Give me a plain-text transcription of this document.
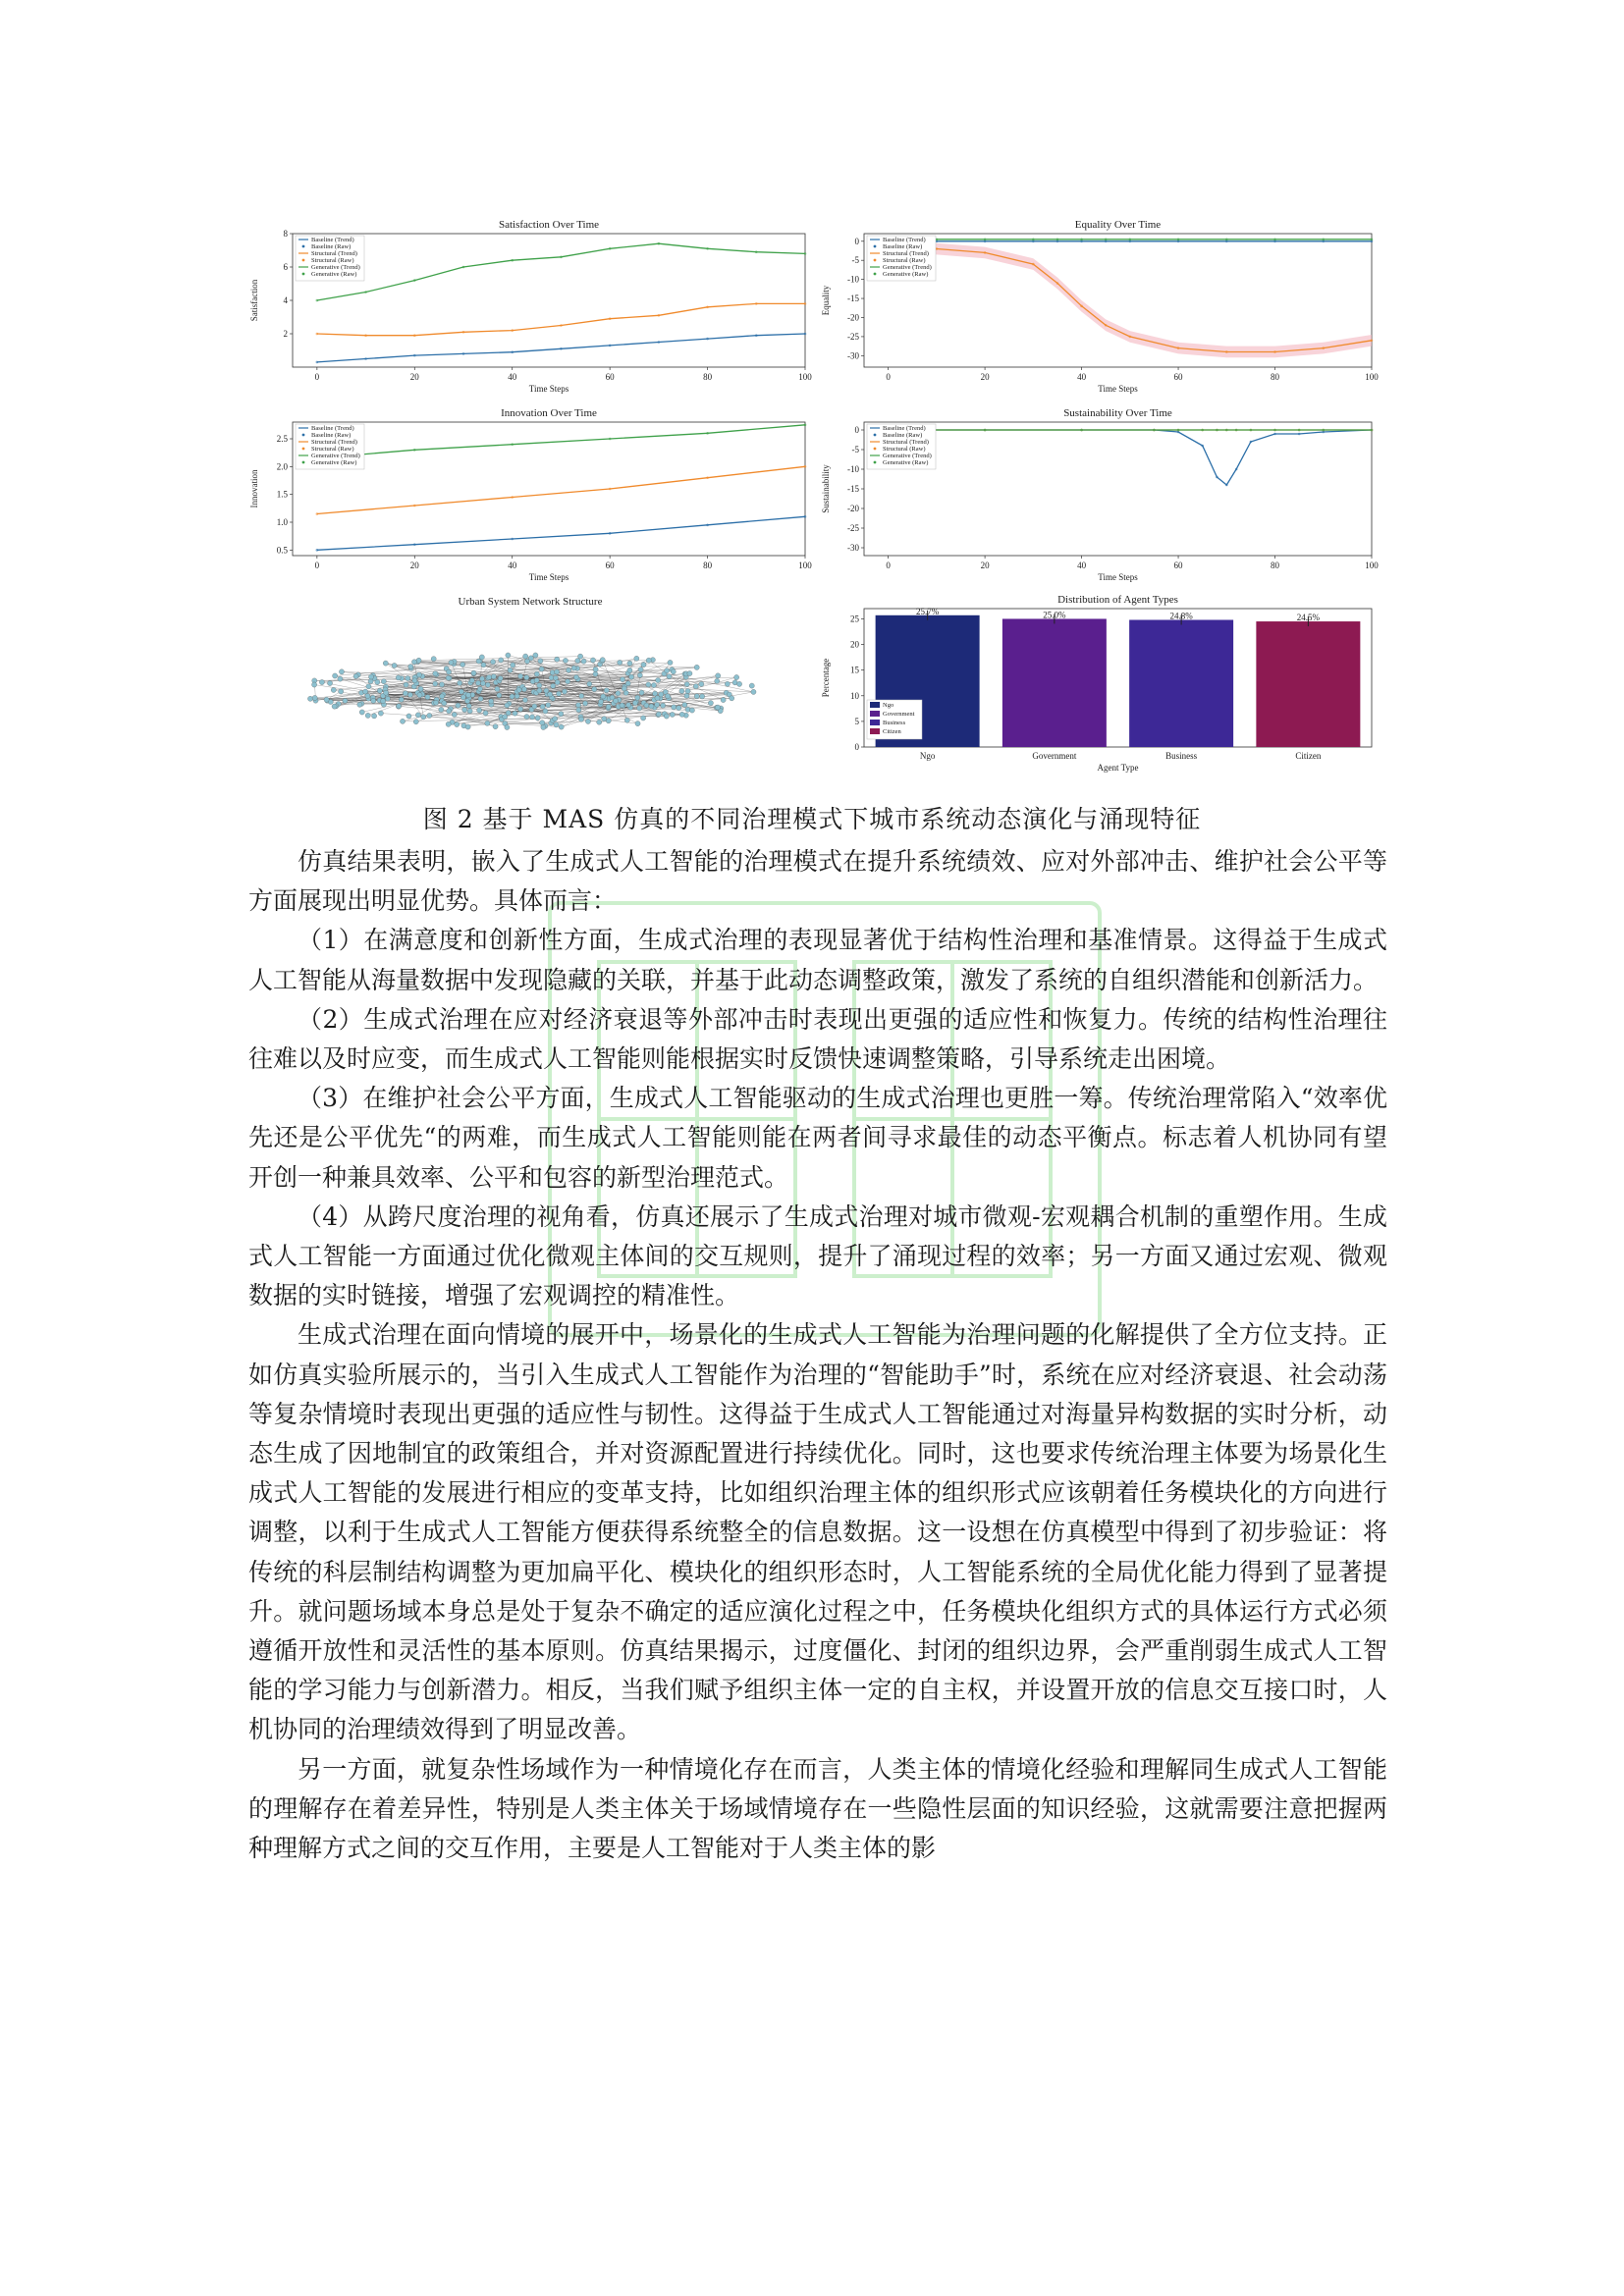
Satisfaction Over Time
0	20	40	60	80	100
2
4
6
8
Time Steps
Satisfaction
Baseline (Trend)
Baseline (Raw)
Structural (Trend)
Structural (Raw)
Generative (Trend)
Generative (Raw)
Equality Over Time
0	20	40	60	80	100
0
-5
-10
-15
-20
-25
-30
Time Steps
Equality
Baseline (Trend)
Baseline (Raw)
Structural (Trend)
Structural (Raw)
Generative (Trend)
Generative (Raw)
Innovation Over Time
0	20	40	60	80	100
0.5
1.0
1.5
2.0
2.5
Time Steps
Innovation
Baseline (Trend)
Baseline (Raw)
Structural (Trend)
Structural (Raw)
Generative (Trend)
Generative (Raw)
Sustainability Over Time
0	20	40	60	80	100
0
-5
-10
-15
-20
-25
-30
Time Steps
Sustainability
Baseline (Trend)
Baseline (Raw)
Structural (Trend)
Structural (Raw)
Generative (Trend)
Generative (Raw)
Urban System Network Structure	Distribution of Agent Types
0
5
10
15
20
25
25.7%
Ngo
25.0%
Government
24.8%
Business
24.5%
Citizen
Agent Type
Percentage
Ngo
Government
Business
Citizen
图 2 基于 MAS 仿真的不同治理模式下城市系统动态演化与涌现特征

仿真结果表明，嵌入了生成式人工智能的治理模式在提升系统绩效、应对外部冲击、维护社会公平等方面展现出明显优势。具体而言：

（1）在满意度和创新性方面，生成式治理的表现显著优于结构性治理和基准情景。这得益于生成式人工智能从海量数据中发现隐藏的关联，并基于此动态调整政策，激发了系统的自组织潜能和创新活力。

（2）生成式治理在应对经济衰退等外部冲击时表现出更强的适应性和恢复力。传统的结构性治理往往难以及时应变，而生成式人工智能则能根据实时反馈快速调整策略，引导系统走出困境。

（3）在维护社会公平方面，生成式人工智能驱动的生成式治理也更胜一筹。传统治理常陷入“效率优先还是公平优先“的两难，而生成式人工智能则能在两者间寻求最佳的动态平衡点。标志着人机协同有望开创一种兼具效率、公平和包容的新型治理范式。

（4）从跨尺度治理的视角看，仿真还展示了生成式治理对城市微观-宏观耦合机制的重塑作用。生成式人工智能一方面通过优化微观主体间的交互规则，提升了涌现过程的效率；另一方面又通过宏观、微观数据的实时链接，增强了宏观调控的精准性。

生成式治理在面向情境的展开中，场景化的生成式人工智能为治理问题的化解提供了全方位支持。正如仿真实验所展示的，当引入生成式人工智能作为治理的“智能助手”时，系统在应对经济衰退、社会动荡等复杂情境时表现出更强的适应性与韧性。这得益于生成式人工智能通过对海量异构数据的实时分析，动态生成了因地制宜的政策组合，并对资源配置进行持续优化。同时，这也要求传统治理主体要为场景化生成式人工智能的发展进行相应的变革支持，比如组织治理主体的组织形式应该朝着任务模块化的方向进行调整，以利于生成式人工智能方便获得系统整全的信息数据。这一设想在仿真模型中得到了初步验证：将传统的科层制结构调整为更加扁平化、模块化的组织形态时，人工智能系统的全局优化能力得到了显著提升。就问题场域本身总是处于复杂不确定的适应演化过程之中，任务模块化组织方式的具体运行方式必须遵循开放性和灵活性的基本原则。仿真结果揭示，过度僵化、封闭的组织边界，会严重削弱生成式人工智能的学习能力与创新潜力。相反，当我们赋予组织主体一定的自主权，并设置开放的信息交互接口时，人机协同的治理绩效得到了明显改善。

另一方面，就复杂性场域作为一种情境化存在而言，人类主体的情境化经验和理解同生成式人工智能的理解存在着差异性，特别是人类主体关于场域情境存在一些隐性层面的知识经验，这就需要注意把握两种理解方式之间的交互作用，主要是人工智能对于人类主体的影
